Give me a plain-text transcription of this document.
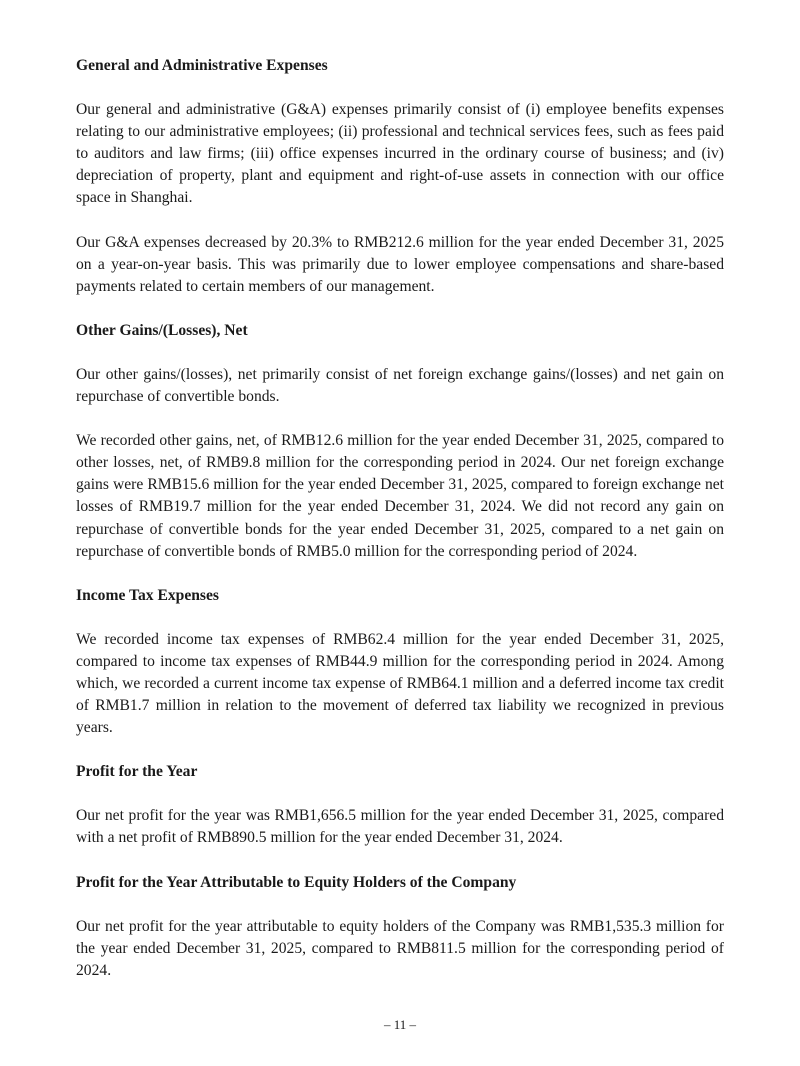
General and Administrative Expenses

Our general and administrative (G&A) expenses primarily consist of (i) employee benefits expenses relating to our administrative employees; (ii) professional and technical services fees, such as fees paid to auditors and law firms; (iii) office expenses incurred in the ordinary course of business; and (iv) depreciation of property, plant and equipment and right-of-use assets in connection with our office space in Shanghai.

Our G&A expenses decreased by 20.3% to RMB212.6 million for the year ended December 31, 2025 on a year-on-year basis. This was primarily due to lower employee compensations and share-based payments related to certain members of our management.

Other Gains/(Losses), Net

Our other gains/(losses), net primarily consist of net foreign exchange gains/(losses) and net gain on repurchase of convertible bonds.

We recorded other gains, net, of RMB12.6 million for the year ended December 31, 2025, compared to other losses, net, of RMB9.8 million for the corresponding period in 2024. Our net foreign exchange gains were RMB15.6 million for the year ended December 31, 2025, compared to foreign exchange net losses of RMB19.7 million for the year ended December 31, 2024. We did not record any gain on repurchase of convertible bonds for the year ended December 31, 2025, compared to a net gain on repurchase of convertible bonds of RMB5.0 million for the corresponding period of 2024.

Income Tax Expenses

We recorded income tax expenses of RMB62.4 million for the year ended December 31, 2025, compared to income tax expenses of RMB44.9 million for the corresponding period in 2024. Among which, we recorded a current income tax expense of RMB64.1 million and a deferred income tax credit of RMB1.7 million in relation to the movement of deferred tax liability we recognized in previous years.

Profit for the Year

Our net profit for the year was RMB1,656.5 million for the year ended December 31, 2025, compared with a net profit of RMB890.5 million for the year ended December 31, 2024.

Profit for the Year Attributable to Equity Holders of the Company

Our net profit for the year attributable to equity holders of the Company was RMB1,535.3 million for the year ended December 31, 2025, compared to RMB811.5 million for the corresponding period of 2024.

– 11 –
